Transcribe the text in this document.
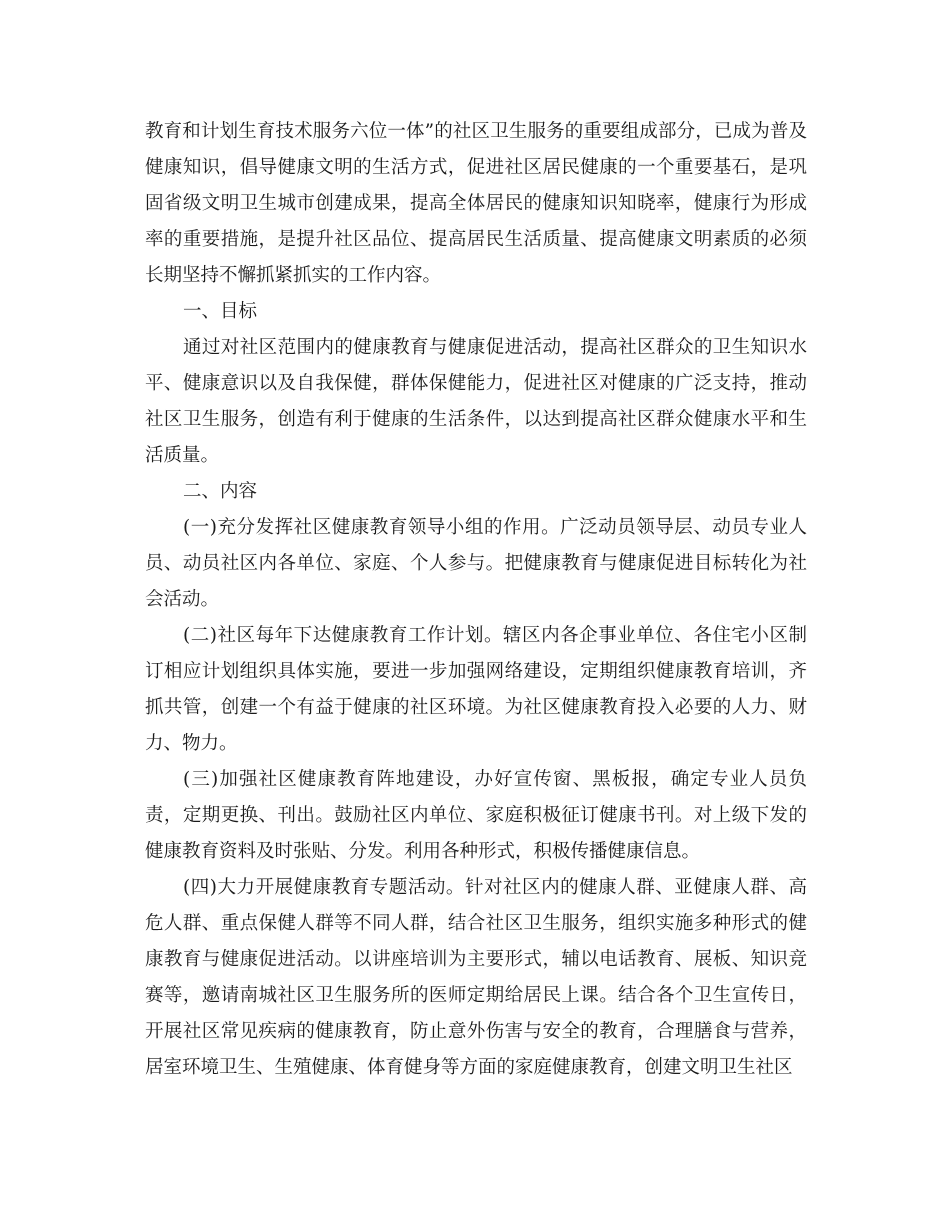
教育和计划生育技术服务六位一体”的社区卫生服务的重要组成部分，已成为普及健康知识，倡导健康文明的生活方式，促进社区居民健康的一个重要基石，是巩固省级文明卫生城市创建成果，提高全体居民的健康知识知晓率，健康行为形成率的重要措施，是提升社区品位、提高居民生活质量、提高健康文明素质的必须长期坚持不懈抓紧抓实的工作内容。

一、目标

通过对社区范围内的健康教育与健康促进活动，提高社区群众的卫生知识水平、健康意识以及自我保健，群体保健能力，促进社区对健康的广泛支持，推动社区卫生服务，创造有利于健康的生活条件，以达到提高社区群众健康水平和生活质量。

二、内容

(一)充分发挥社区健康教育领导小组的作用。广泛动员领导层、动员专业人员、动员社区内各单位、家庭、个人参与。把健康教育与健康促进目标转化为社会活动。

(二)社区每年下达健康教育工作计划。辖区内各企事业单位、各住宅小区制订相应计划组织具体实施，要进一步加强网络建设，定期组织健康教育培训，齐抓共管，创建一个有益于健康的社区环境。为社区健康教育投入必要的人力、财力、物力。

(三)加强社区健康教育阵地建设，办好宣传窗、黑板报，确定专业人员负责，定期更换、刊出。鼓励社区内单位、家庭积极征订健康书刊。对上级下发的健康教育资料及时张贴、分发。利用各种形式，积极传播健康信息。

(四)大力开展健康教育专题活动。针对社区内的健康人群、亚健康人群、高危人群、重点保健人群等不同人群，结合社区卫生服务，组织实施多种形式的健康教育与健康促进活动。以讲座培训为主要形式，辅以电话教育、展板、知识竞赛等，邀请南城社区卫生服务所的医师定期给居民上课。结合各个卫生宣传日，开展社区常见疾病的健康教育，防止意外伤害与安全的教育，合理膳食与营养，居室环境卫生、生殖健康、体育健身等方面的家庭健康教育，创建文明卫生社区
